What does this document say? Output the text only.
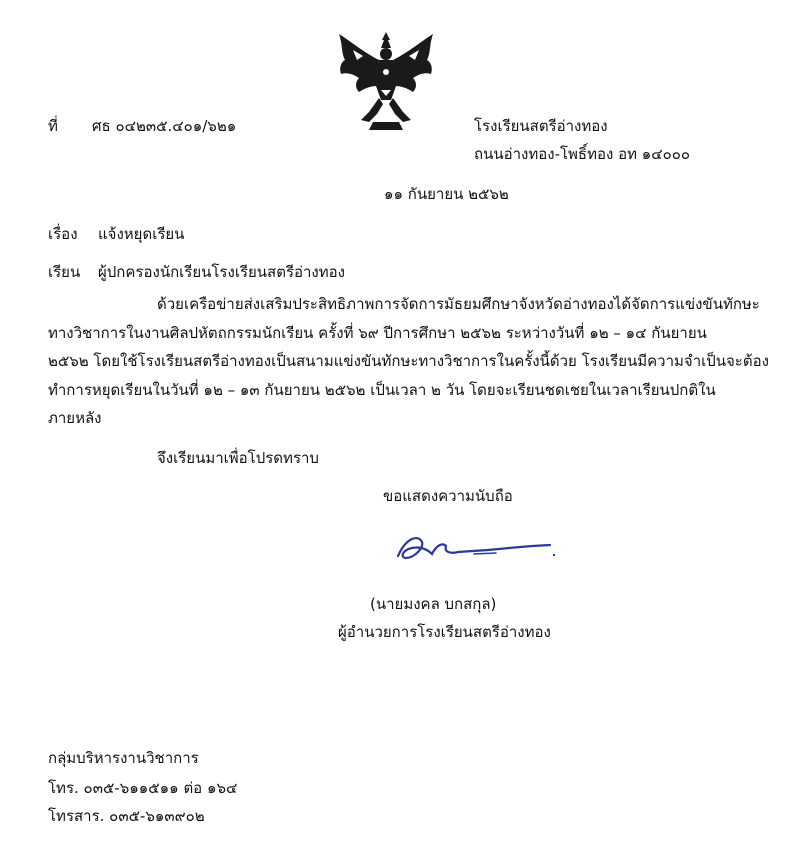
ที่ ศธ ๐๔๒๓๕.๔๐๑/๖๒๑	โรงเรียนสตรีอ่างทอง
ถนนอ่างทอง-โพธิ์ทอง อท ๑๔๐๐๐
๑๑ กันยายน ๒๕๖๒
เรื่อง แจ้งหยุดเรียน
เรียน ผู้ปกครองนักเรียนโรงเรียนสตรีอ่างทอง
ด้วยเครือข่ายส่งเสริมประสิทธิภาพการจัดการมัธยมศึกษาจังหวัดอ่างทองได้จัดการแข่งขันทักษะ
ทางวิชาการในงานศิลปหัตถกรรมนักเรียน ครั้งที่ ๖๙ ปีการศึกษา ๒๕๖๒ ระหว่างวันที่ ๑๒ – ๑๔ กันยายน
๒๕๖๒ โดยใช้โรงเรียนสตรีอ่างทองเป็นสนามแข่งขันทักษะทางวิชาการในครั้งนี้ด้วย โรงเรียนมีความจำเป็นจะต้อง
ทำการหยุดเรียนในวันที่ ๑๒ – ๑๓ กันยายน ๒๕๖๒ เป็นเวลา ๒ วัน โดยจะเรียนชดเชยในเวลาเรียนปกติใน
ภายหลัง
จึงเรียนมาเพื่อโปรดทราบ
ขอแสดงความนับถือ
(นายมงคล บกสกุล)
ผู้อำนวยการโรงเรียนสตรีอ่างทอง
กลุ่มบริหารงานวิชาการ
โทร. ๐๓๕-๖๑๑๕๑๑ ต่อ ๑๖๔
โทรสาร. ๐๓๕-๖๑๓๙๐๒
